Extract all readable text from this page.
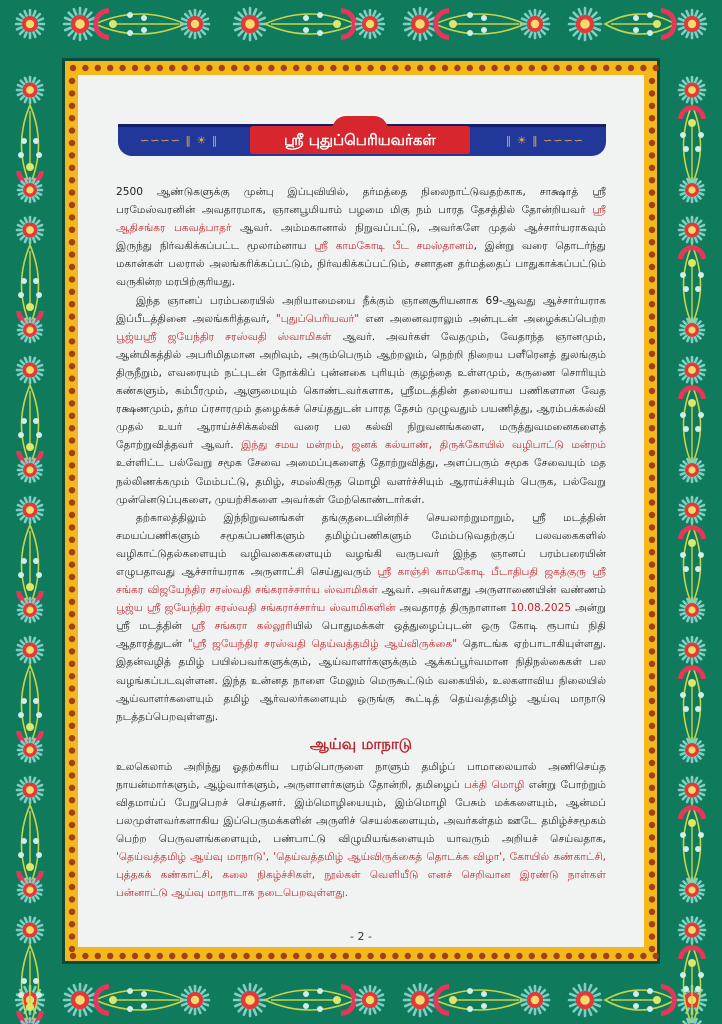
∽∽∽∽ ‖ ☀ ‖	‖ ☀ ‖ ∽∽∽∽
ஸ்ரீ புதுப்பெரியவர்கள்

2500 ஆண்டுகளுக்கு முன்பு இப்புவியில், தர்மத்தை நிலைநாட்டுவதற்காக, சாக்ஷாத் ஸ்ரீ பரமேஸ்வரனின் அவதாரமாக, ஞானபூமியாம் பழமை மிகு நம் பாரத தேசத்தில் தோன்றியவர் ஸ்ரீ ஆதிசங்கர பகவத்பாதர் ஆவர். அம்மகானால் நிறுவப்பட்டு, அவர்களே முதல் ஆச்சார்யராகவும் இருந்து நிர்வகிக்கப்பட்ட மூலாம்னாய ஸ்ரீ காமகோடி பீட சமஸ்தானம், இன்று வரை தொடர்ந்து மகான்கள் பலரால் அலங்கரிக்கப்பட்டும், நிர்வகிக்கப்பட்டும், சனாதன தர்மத்தைப் பாதுகாக்கப்பட்டும் வருகின்ற மரபிற்குரியது.

இந்த ஞானப் பரம்பரையில் அறியாமையை நீக்கும் ஞானசூரியனாக 69-ஆவது ஆச்சார்யராக இப்பீடத்தினை அலங்கரித்தவர், "புதுப்பெரியவர்" என அனைவராலும் அன்புடன் அழைக்கப்பெற்ற பூஜ்யஸ்ரீ ஜயேந்திர சரஸ்வதி ஸ்வாமிகள் ஆவர். அவர்கள் வேதமும், வேதாந்த ஞானமும், ஆன்மிகத்தில் அபரிமிதமான அறிவும், அரும்பெரும் ஆற்றலும், நெற்றி நிறைய பளீரெனத் துலங்கும் திருநீறும், எவரையும் நட்புடன் நோக்கிப் புன்னகை புரியும் குழந்தை உள்ளமும், கருணை சொரியும் கண்களும், கம்பீரமும், ஆளுமையும் கொண்டவர்களாக, ஸ்ரீமடத்தின் தலையாய பணிகளான வேத ரக்ஷணமும், தர்ம ப்ரசாரமும் தழைக்கச் செய்ததுடன் பாரத தேசம் முழுவதும் பயணித்து, ஆரம்பக்கல்வி முதல் உயர் ஆராய்ச்சிக்கல்வி வரை பல கல்வி நிறுவனங்களை, மருத்துவமனைகளைத் தோற்றுவித்தவர் ஆவர். இந்து சமய மன்றம், ஜனக் கல்யாண், திருக்கோயில் வழிபாட்டு மன்றம் உள்ளிட்ட பல்வேறு சமூக சேவை அமைப்புகளைத் தோற்றுவித்து, அளப்பரும் சமூக சேவையும் மத நல்லிணக்கமும் மேம்பட்டு, தமிழ், சமஸ்கிருத மொழி வளர்ச்சியும் ஆராய்ச்சியும் பெருக, பல்வேறு முன்னெடுப்புகளை, முயற்சிகளை அவர்கள் மேற்கொண்டார்கள்.

தற்காலத்திலும் இந்நிறுவனங்கள் தங்குதடையின்றிச் செயலாற்றுமாறும், ஸ்ரீ மடத்தின் சமயப்பணிகளும் சமூகப்பணிகளும் தமிழ்ப்பணிகளும் மேம்படுவதற்குப் பலவகைகளில் வழிகாட்டுதல்களையும் வழிவகைகளையும் வழங்கி வருபவர் இந்த ஞானப் பரம்பரையின் எழுபதாவது ஆச்சார்யராக அருளாட்சி செய்துவரும் ஸ்ரீ காஞ்சி காமகோடி பீடாதிபதி ஜகத்குரு ஸ்ரீ சங்கர விஜயேந்திர சரஸ்வதி சங்கராச்சார்ய ஸ்வாமிகள் ஆவர். அவர்களது அருளாணையின் வண்ணம் பூஜ்ய ஸ்ரீ ஜயேந்திர சரஸ்வதி சங்கராச்சார்ய ஸ்வாமிகளின் அவதாரத் திருநாளான 10.08.2025 அன்று ஸ்ரீ மடத்தின் ஸ்ரீ சங்கரா கல்லூரியில் பொதுமக்கள் ஒத்துழைப்புடன் ஒரு கோடி ரூபாய் நிதி ஆதாரத்துடன் "ஸ்ரீ ஜயேந்திர சரஸ்வதி தெய்வத்தமிழ் ஆய்விருக்கை" தொடங்க ஏற்பாடாகியுள்ளது. இதன்வழித் தமிழ் பயில்பவர்களுக்கும், ஆய்வாளர்களுக்கும் ஆக்கப்பூர்வமான நிதிநல்கைகள் பல வழங்கப்படவுள்ளன. இந்த உன்னத நாளை மேலும் மெருகூட்டும் வகையில், உலகளாவிய நிலையில் ஆய்வாளர்களையும் தமிழ் ஆர்வலர்களையும் ஒருங்கு கூட்டித் தெய்வத்தமிழ் ஆய்வு மாநாடு நடத்தப்பெறவுள்ளது.

ஆய்வு மாநாடு

உலகெலாம் அறிந்து ஓதற்கரிய பரம்பொருளை நாளும் தமிழ்ப் பாமாலையால் அணிசெய்த நாயன்மார்களும், ஆழ்வார்களும், அருளாளர்களும் தோன்றி, தமிழைப் பக்தி மொழி என்று போற்றும் விதமாய்ப் பேறுபெறச் செய்தனர். இம்மொழியையும், இம்மொழி பேசும் மக்களையும், ஆன்மப் பலமுள்ளவர்களாகிய இப்பெருமக்களின் அருளிச் செயல்களையும், அவர்கள்தம் ஊடே தமிழ்ச்சமூகம் பெற்ற பெருவளங்களையும், பண்பாட்டு விழுமியங்களையும் யாவரும் அறியச் செய்வதாக, 'தெய்வத்தமிழ் ஆய்வு மாநாடு', 'தெய்வத்தமிழ் ஆய்விருக்கைத் தொடக்க விழா', கோயில் கண்காட்சி, புத்தகக் கண்காட்சி, கலை நிகழ்ச்சிகள், நூல்கள் வெளியீடு எனச் செறிவான இரண்டு நாள்கள் பன்னாட்டு ஆய்வு மாநாடாக நடைபெறவுள்ளது.

- 2 -
